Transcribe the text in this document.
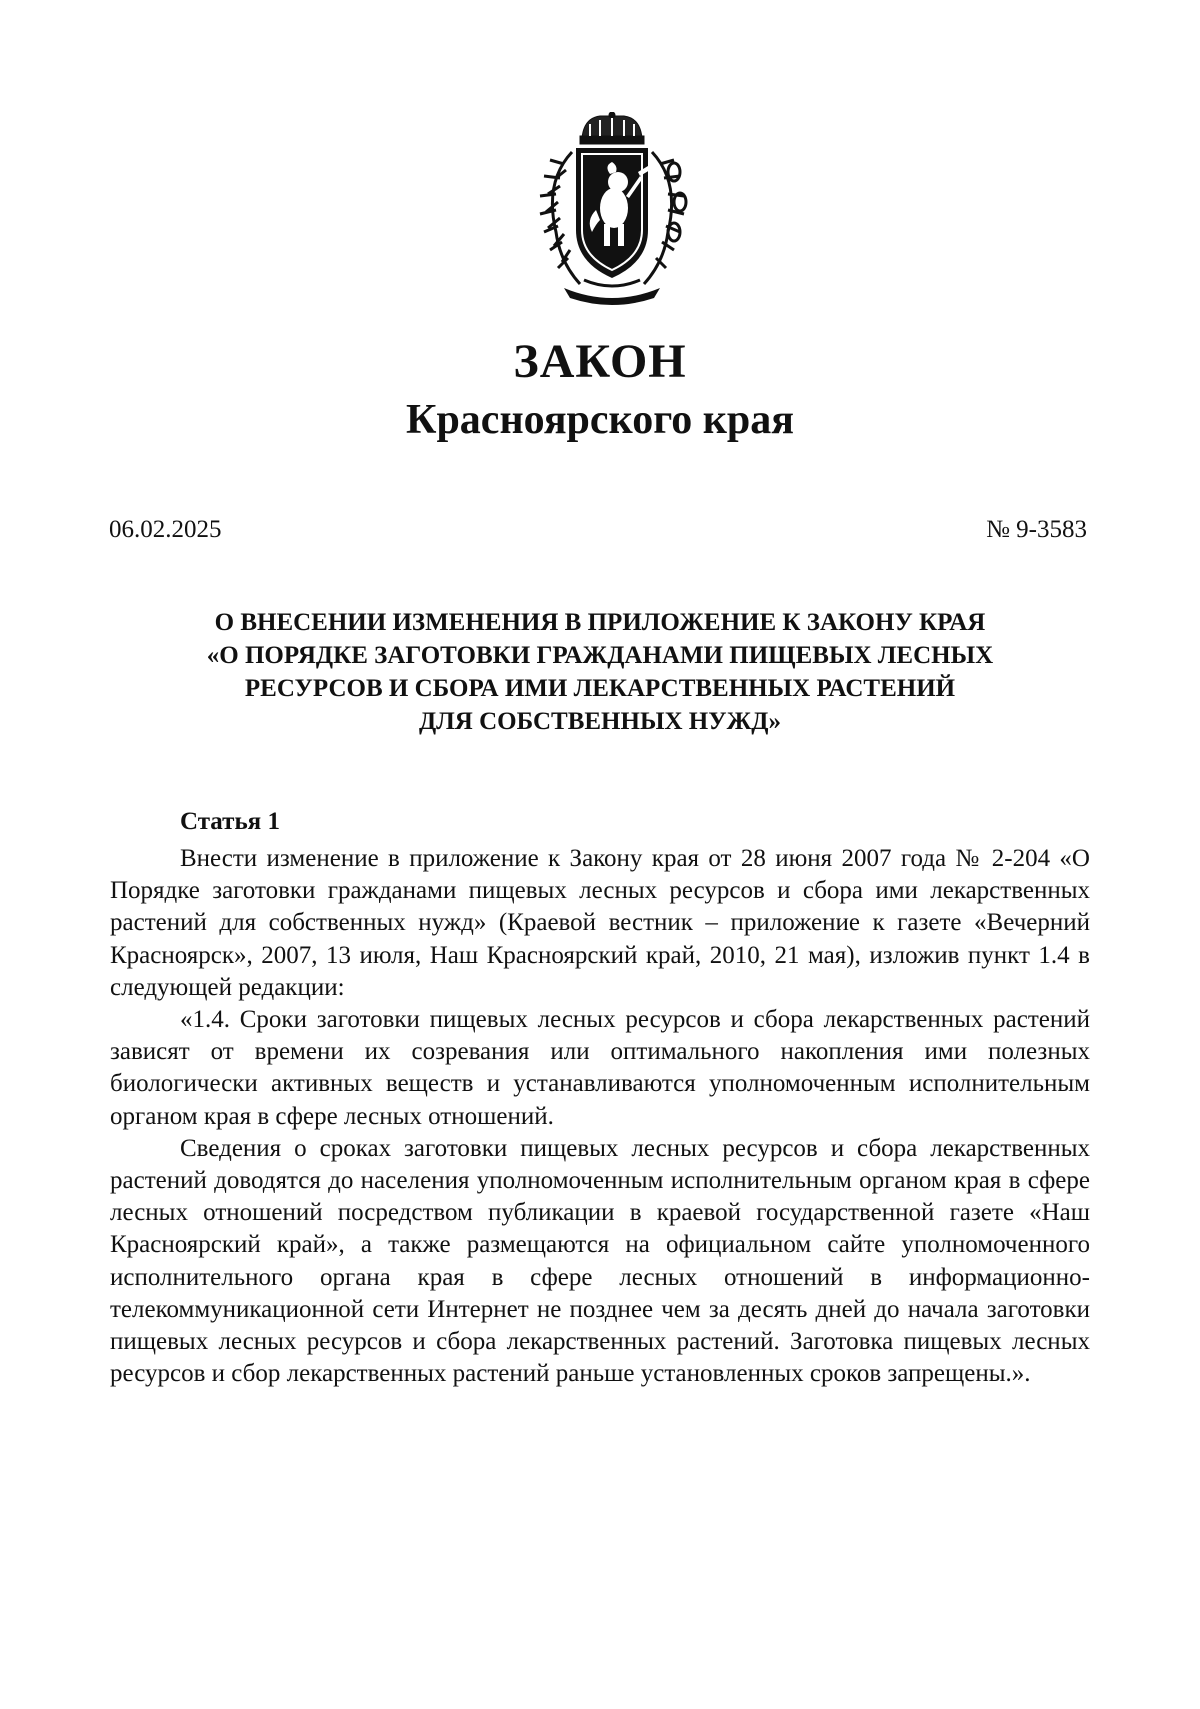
ЗАКОН
Красноярского края
06.02.2025	№ 9-3583
О ВНЕСЕНИИ ИЗМЕНЕНИЯ В ПРИЛОЖЕНИЕ К ЗАКОНУ КРАЯ
«О ПОРЯДКЕ ЗАГОТОВКИ ГРАЖДАНАМИ ПИЩЕВЫХ ЛЕСНЫХ
РЕСУРСОВ И СБОРА ИМИ ЛЕКАРСТВЕННЫХ РАСТЕНИЙ
ДЛЯ СОБСТВЕННЫХ НУЖД»
Статья 1

Внести изменение в приложение к Закону края от 28 июня 2007 года № 2-204 «О Порядке заготовки гражданами пищевых лесных ресурсов и сбора ими лекарственных растений для собственных нужд» (Краевой вестник – приложение к газете «Вечерний Красноярск», 2007, 13 июля, Наш Красноярский край, 2010, 21 мая), изложив пункт 1.4 в следующей редакции:

«1.4. Сроки заготовки пищевых лесных ресурсов и сбора лекарственных растений зависят от времени их созревания или оптимального накопления ими полезных биологически активных веществ и устанавливаются уполномоченным исполнительным органом края в сфере лесных отношений.

Сведения о сроках заготовки пищевых лесных ресурсов и сбора лекарственных растений доводятся до населения уполномоченным исполнительным органом края в сфере лесных отношений посредством публикации в краевой государственной газете «Наш Красноярский край», а также размещаются на официальном сайте уполномоченного исполнительного органа края в сфере лесных отношений в информационно-телекоммуникационной сети Интернет не позднее чем за десять дней до начала заготовки пищевых лесных ресурсов и сбора лекарственных растений. Заготовка пищевых лесных ресурсов и сбор лекарственных растений раньше установленных сроков запрещены.».
